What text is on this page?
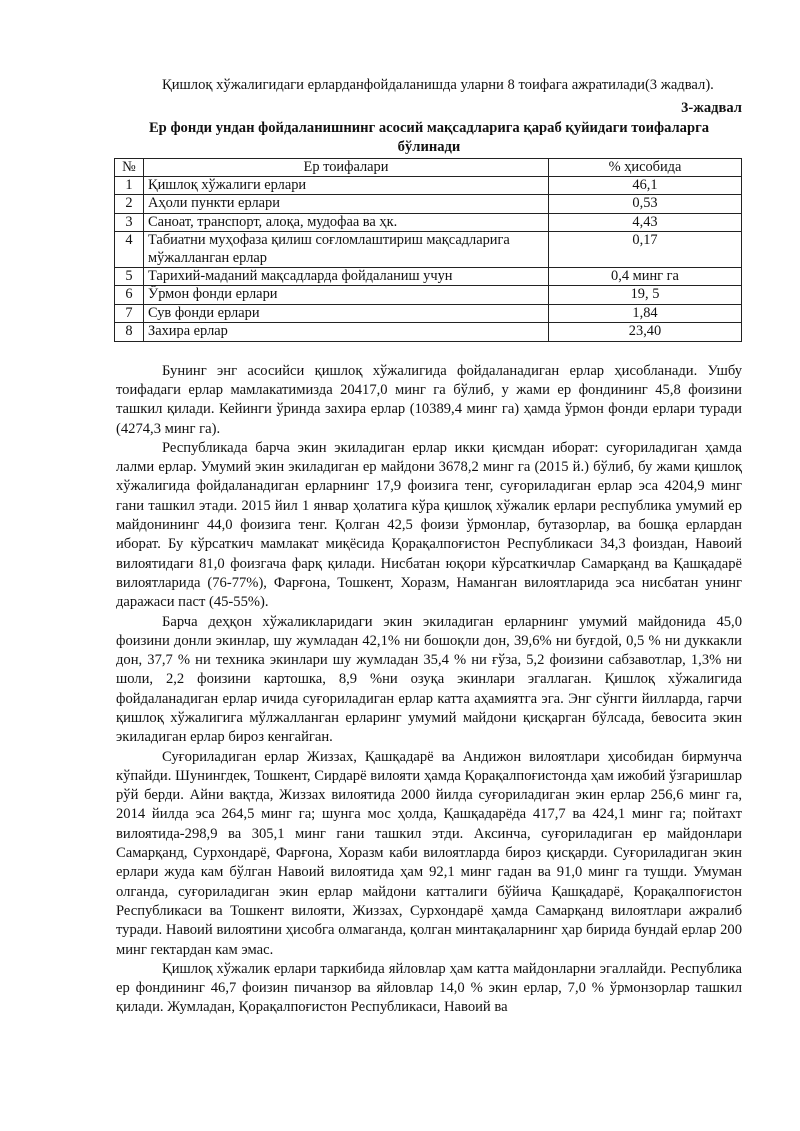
Қишлоқ хўжалигидаги ерларданфойдаланишда уларни 8 тоифага ажратилади(3 жадвал).

3-жадвал
Ер фонди ундан фойдаланишнинг асосий мақсадларига қараб қуйидаги тоифаларга бўлинади
№	Ер тоифалари	% ҳисобида
1	Қишлоқ хўжалиги ерлари	46,1
2	Аҳоли пункти ерлари	0,53
3	Саноат, транспорт, алоқа, мудофаа ва ҳк.	4,43
4	Табиатни муҳофаза қилиш соғломлаштириш мақсадларига мўжалланган ерлар	0,17
5	Тарихий-маданий мақсадларда фойдаланиш учун	0,4 минг га
6	Ўрмон фонди ерлари	19, 5
7	Сув фонди ерлари	1,84
8	Захира ерлар	23,40

Бунинг энг асосийси қишлоқ хўжалигида фойдаланадиган ерлар ҳисобланади. Ушбу тоифадаги ерлар мамлакатимизда 20417,0 минг га бўлиб, у жами ер фондининг 45,8 фоизини ташкил қилади. Кейинги ўринда захира ерлар (10389,4 минг га) ҳамда ўрмон фонди ерлари туради (4274,3 минг га).

Республикада барча экин экиладиган ерлар икки қисмдан иборат: суғориладиган ҳамда лалми ерлар. Умумий экин экиладиган ер майдони 3678,2 минг га (2015 й.) бўлиб, бу жами қишлоқ хўжалигида фойдаланадиган ерларнинг 17,9 фоизига тенг, суғориладиган ерлар эса 4204,9 минг гани ташкил этади. 2015 йил 1 январ ҳолатига кўра қишлоқ хўжалик ерлари республика умумий ер майдонининг 44,0 фоизига тенг. Қолган 42,5 фоизи ўрмонлар, бутазорлар, ва бошқа ерлардан иборат. Бу кўрсаткич мамлакат миқёсида Қорақалпоғистон Республикаси 34,3 фоиздан, Навоий вилоятидаги 81,0 фоизгача фарқ қилади. Нисбатан юқори кўрсаткичлар Самарқанд ва Қашқадарё вилоятларида (76-77%), Фарғона, Тошкент, Хоразм, Наманган вилоятларида эса нисбатан унинг даражаси паст (45-55%).

Барча деҳқон хўжаликларидаги экин экиладиган ерларнинг умумий майдонида 45,0 фоизини донли экинлар, шу жумладан 42,1% ни бошоқли дон, 39,6% ни буғдой, 0,5 % ни дуккакли дон, 37,7 % ни техника экинлари шу жумладан 35,4 % ни ғўза, 5,2 фоизини сабзавотлар, 1,3% ни шоли, 2,2 фоизини картошка, 8,9 %ни озуқа экинлари эгаллаган. Қишлоқ хўжалигида фойдаланадиган ерлар ичида суғориладиган ерлар катта аҳамиятга эга. Энг сўнгги йилларда, гарчи қишлоқ хўжалигига мўлжалланган ерларинг умумий майдони қисқарган бўлсада, бевосита экин экиладиган ерлар бироз кенгайган.

Суғориладиган ерлар Жиззах, Қашқадарё ва Андижон вилоятлари ҳисобидан бирмунча кўпайди. Шунингдек, Тошкент, Сирдарё вилояти ҳамда Қорақалпоғистонда ҳам ижобий ўзгаришлар рўй берди. Айни вақтда, Жиззах вилоятида 2000 йилда суғориладиган экин ерлар 256,6 минг га, 2014 йилда эса 264,5 минг га; шунга мос ҳолда, Қашқадарёда 417,7 ва 424,1 минг га; пойтахт вилоятида-298,9 ва 305,1 минг гани ташкил этди. Аксинча, суғориладиган ер майдонлари Самарқанд, Сурхондарё, Фарғона, Хоразм каби вилоятларда бироз қисқарди. Суғориладиган экин ерлари жуда кам бўлган Навоий вилоятида ҳам 92,1 минг гадан ва 91,0 минг га тушди. Умуман олганда, суғориладиган экин ерлар майдони катталиги бўйича Қашқадарё, Қорақалпоғистон Республикаси ва Тошкент вилояти, Жиззах, Сурхондарё ҳамда Самарқанд вилоятлари ажралиб туради. Навоий вилоятини ҳисобга олмаганда, қолган минтақаларнинг ҳар бирида бундай ерлар 200 минг гектардан кам эмас.

Қишлоқ хўжалик ерлари таркибида яйловлар ҳам катта майдонларни эгаллайди. Республика ер фондининг 46,7 фоизин пичанзор ва яйловлар 14,0 % экин ерлар, 7,0 % ўрмонзорлар ташкил қилади. Жумладан, Қорақалпоғистон Республикаси, Навоий ва
